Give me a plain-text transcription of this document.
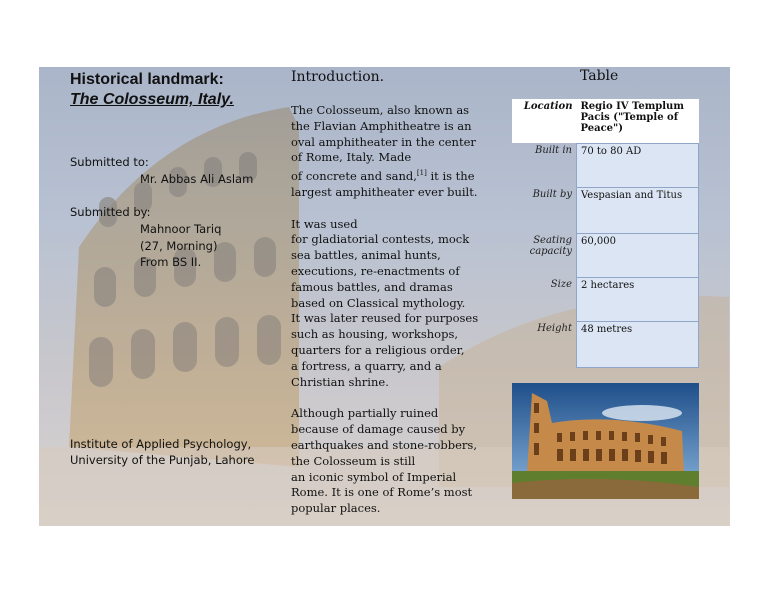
Historical landmark:
The Colosseum, Italy.
Submitted to:
Mr. Abbas Ali Aslam
Submitted by:
Mahnoor Tariq
(27, Morning)
From BS II.
Institute of Applied Psychology,
University of the Punjab, Lahore
Introduction.

The Colosseum, also known as

the Flavian Amphitheatre is an

oval amphitheater in the center

of Rome, Italy. Made

of concrete and sand,[1] it is the

largest amphitheater ever built.

It was used

for gladiatorial contests, mock

sea battles, animal hunts,

executions, re-enactments of

famous battles, and dramas

based on Classical mythology.

It was later reused for purposes

such as housing, workshops,

quarters for a religious order,

a fortress, a quarry, and a

Christian shrine.

Although partially ruined

because of damage caused by

earthquakes and stone-robbers,

the Colosseum is still

an iconic symbol of Imperial

Rome. It is one of Rome’s most

popular places.

Table
Location	Regio IV Templum Pacis ("Temple of Peace")
Built in	70 to 80 AD
Built by	Vespasian and Titus
Seating capacity	60,000
Size	2 hectares
Height	48 metres
